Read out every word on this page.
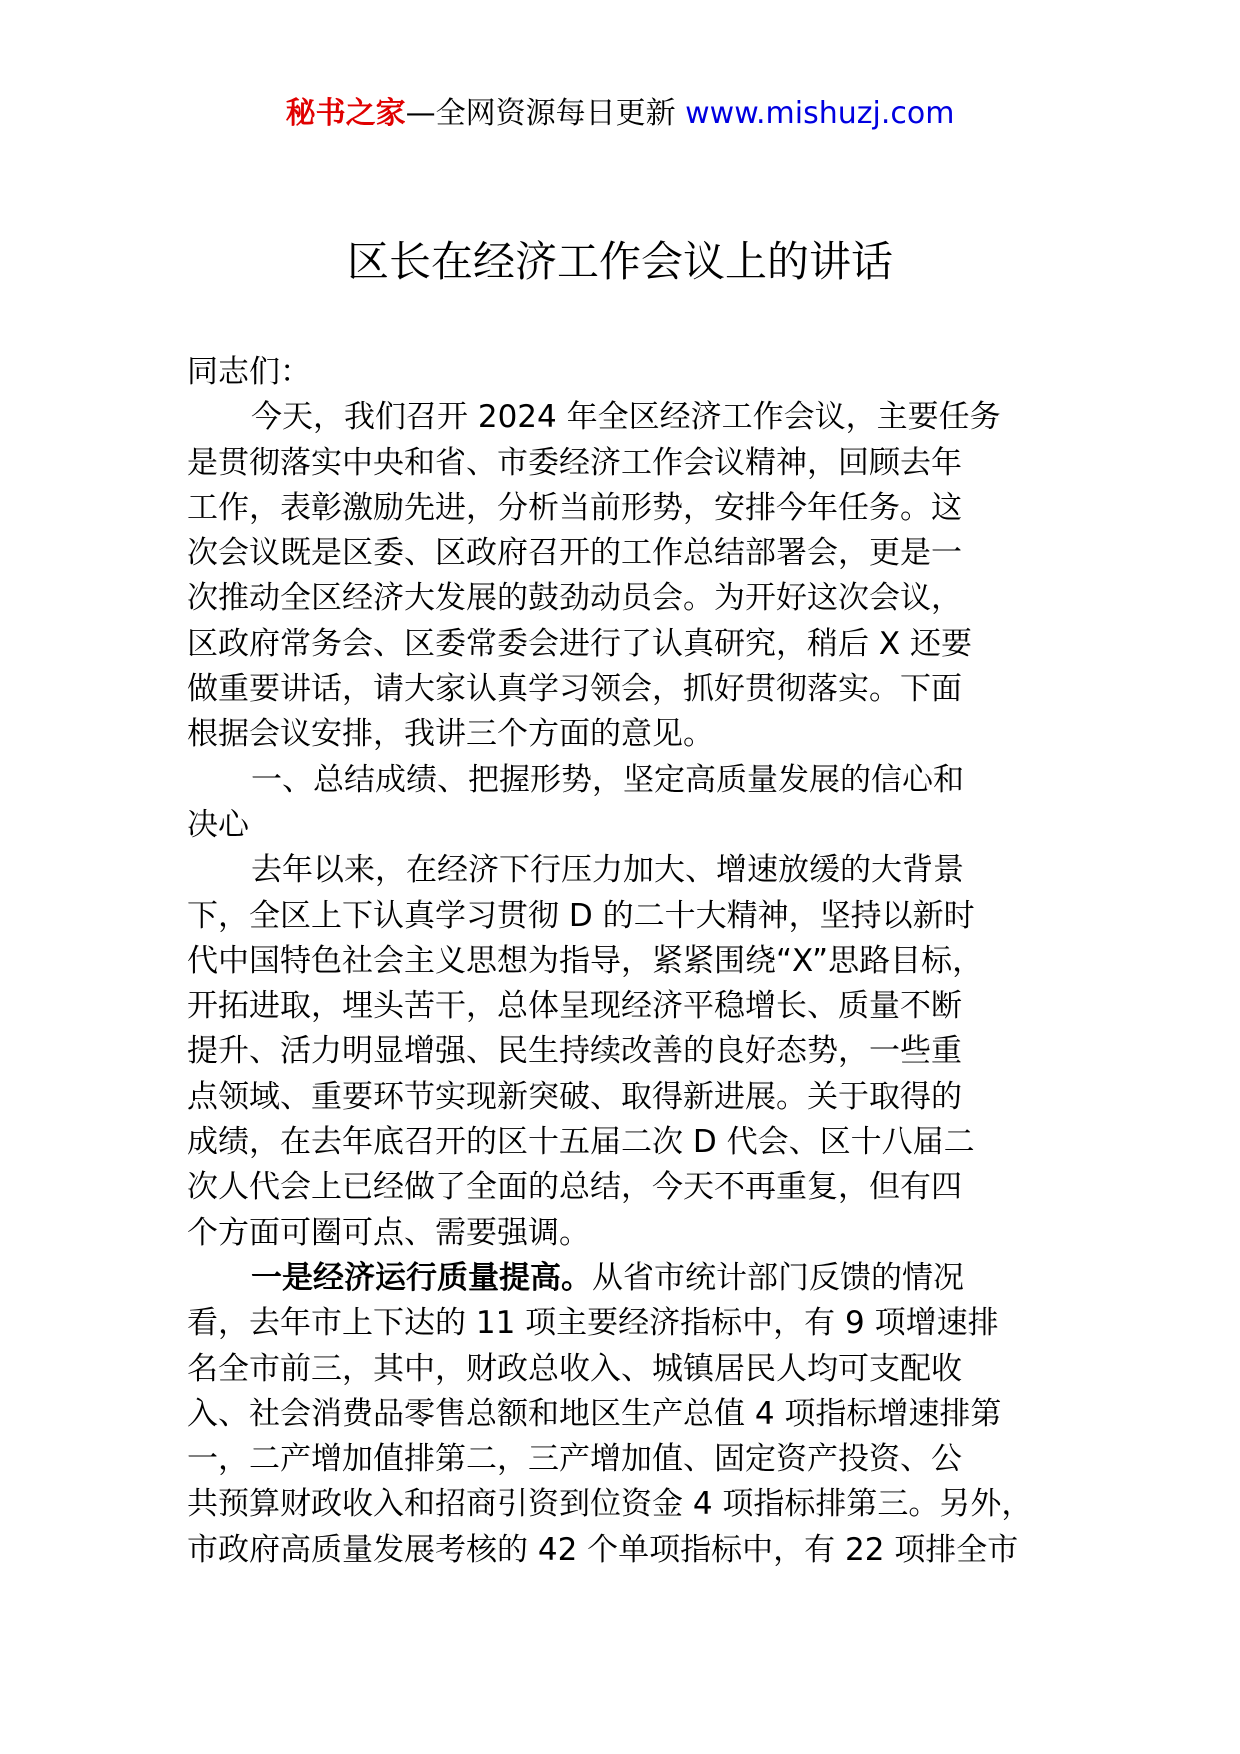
秘书之家—全网资源每日更新 www.mishuzj.com
区长在经济工作会议上的讲话
同志们：
今天，我们召开 2024 年全区经济工作会议，主要任务
是贯彻落实中央和省、市委经济工作会议精神，回顾去年
工作，表彰激励先进，分析当前形势，安排今年任务。这
次会议既是区委、区政府召开的工作总结部署会，更是一
次推动全区经济大发展的鼓劲动员会。为开好这次会议，
区政府常务会、区委常委会进行了认真研究，稍后 X 还要
做重要讲话，请大家认真学习领会，抓好贯彻落实。下面
根据会议安排，我讲三个方面的意见。
一、总结成绩、把握形势，坚定高质量发展的信心和
决心
去年以来，在经济下行压力加大、增速放缓的大背景
下，全区上下认真学习贯彻 D 的二十大精神，坚持以新时
代中国特色社会主义思想为指导，紧紧围绕“X”思路目标，
开拓进取，埋头苦干，总体呈现经济平稳增长、质量不断
提升、活力明显增强、民生持续改善的良好态势，一些重
点领域、重要环节实现新突破、取得新进展。关于取得的
成绩，在去年底召开的区十五届二次 D 代会、区十八届二
次人代会上已经做了全面的总结，今天不再重复，但有四
个方面可圈可点、需要强调。
一是经济运行质量提高。从省市统计部门反馈的情况
看，去年市上下达的 11 项主要经济指标中，有 9 项增速排
名全市前三，其中，财政总收入、城镇居民人均可支配收
入、社会消费品零售总额和地区生产总值 4 项指标增速排第
一，二产增加值排第二，三产增加值、固定资产投资、公
共预算财政收入和招商引资到位资金 4 项指标排第三。另外，
市政府高质量发展考核的 42 个单项指标中，有 22 项排全市
